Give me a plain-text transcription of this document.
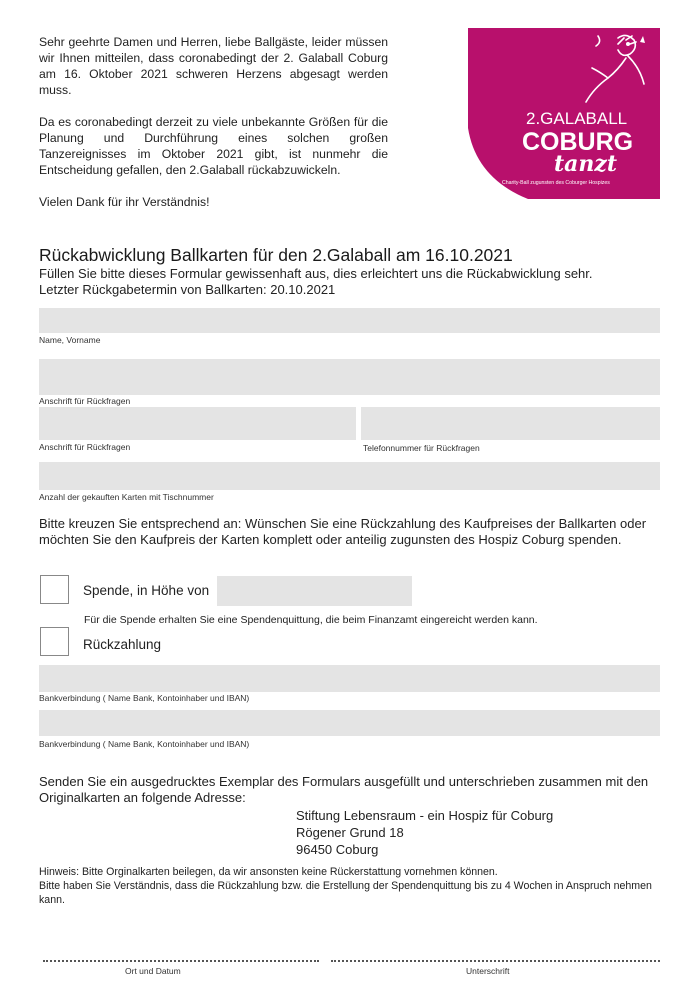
Sehr geehrte Damen und Herren, liebe Ballgäste, leider müssen wir Ihnen mitteilen, dass coronabedingt der 2. Galaball Coburg am 16. Oktober 2021 schweren Herzens abgesagt werden muss.

Da es coronabedingt derzeit zu viele unbekannte Größen für die Planung und Durchführung eines solchen großen Tanzereignisses im Oktober 2021 gibt, ist nunmehr die Entscheidung gefallen, den 2.Galaball rückabzuwickeln.

Vielen Dank für ihr Verständnis!

2.GALABALL
COBURG
tanzt
Charity-Ball zugunsten des Coburger Hospizes
Rückabwicklung Ballkarten für den 2.Galaball am 16.10.2021
Füllen Sie bitte dieses Formular gewissenhaft aus, dies erleichtert uns die Rückabwicklung sehr.
Letzter Rückgabetermin von Ballkarten: 20.10.2021
Name, Vorname
Anschrift für Rückfragen
Anschrift für Rückfragen	Telefonnummer für Rückfragen
Anzahl der gekauften Karten mit Tischnummer
Bitte kreuzen Sie entsprechend an: Wünschen Sie eine Rückzahlung des Kaufpreises der Ballkarten oder möchten Sie den Kaufpreis der Karten komplett oder anteilig zugunsten des Hospiz Coburg spenden.
Spende, in Höhe von
Für die Spende erhalten Sie eine Spendenquittung, die beim Finanzamt eingereicht werden kann.
Rückzahlung
Bankverbindung ( Name Bank, Kontoinhaber und IBAN)
Bankverbindung ( Name Bank, Kontoinhaber und IBAN)
Senden Sie ein ausgedrucktes Exemplar des Formulars ausgefüllt und unterschrieben zusammen mit den Originalkarten an folgende Adresse:
Stiftung Lebensraum - ein Hospiz für Coburg
Rögener Grund 18
96450 Coburg
Hinweis: Bitte Orginalkarten beilegen, da wir ansonsten keine Rückerstattung vornehmen können.
Bitte haben Sie Verständnis, dass die Rückzahlung bzw. die Erstellung der Spendenquittung bis zu 4 Wochen in Anspruch nehmen kann.
Ort und Datum	Unterschrift
